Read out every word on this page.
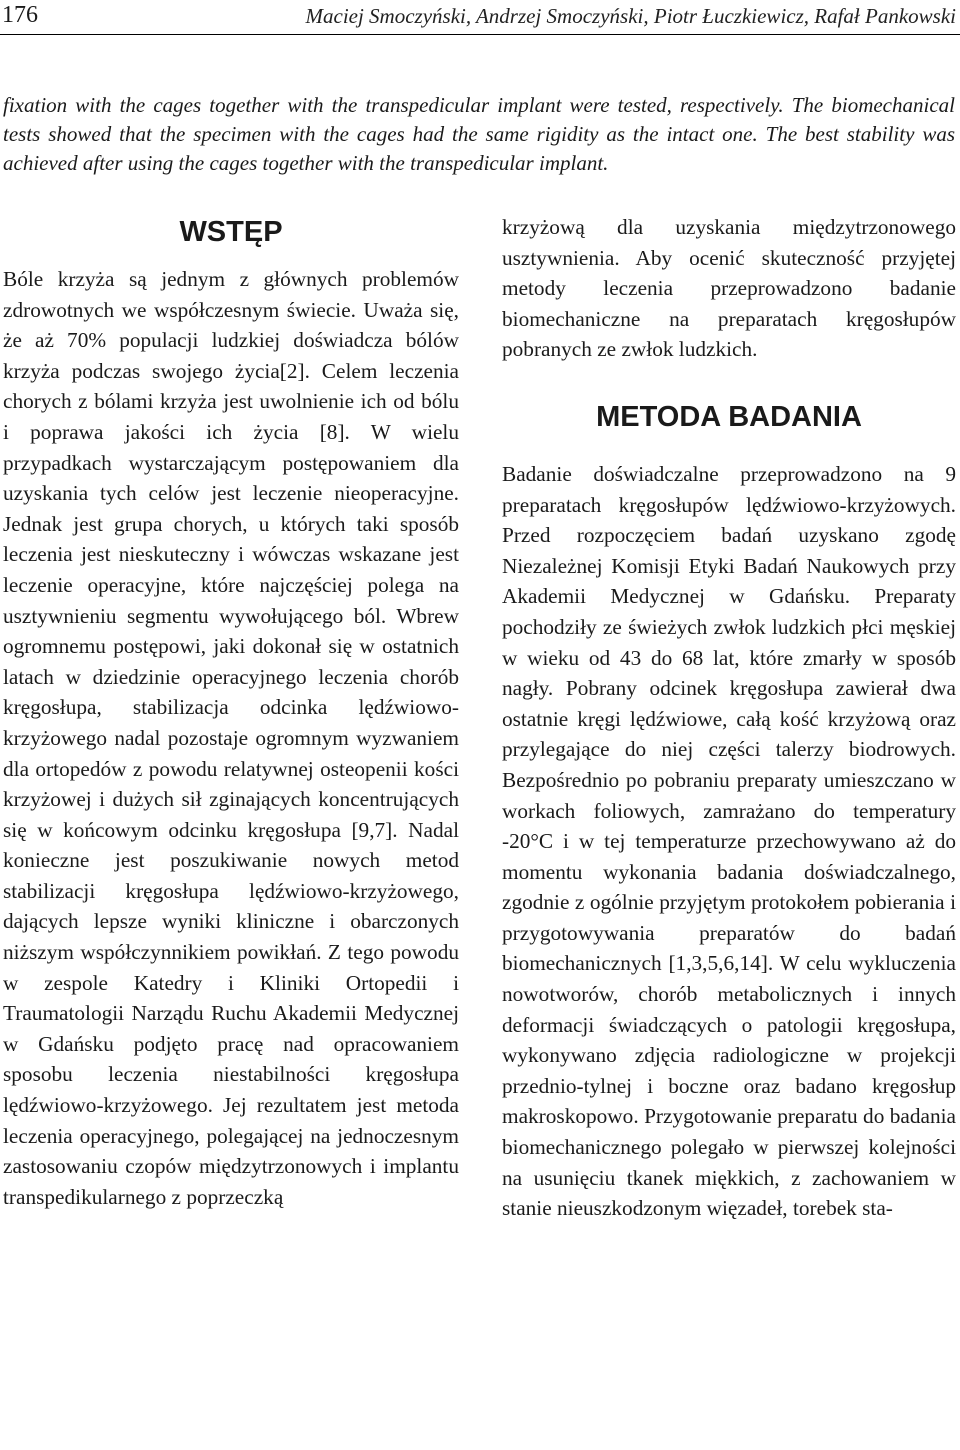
176	Maciej Smoczyński, Andrzej Smoczyński, Piotr Łuczkiewicz, Rafał Pankowski

fixation with the cages together with the transpedicular implant were tested, respectively. The biomechanical tests showed that the specimen with the cages had the same rigidity as the intact one. The best stability was achieved after using the cages together with the transpedicular implant.

WSTĘP

Bóle krzyża są jednym z głównych problemów zdrowotnych we współczesnym świecie. Uważa się, że aż 70% populacji ludzkiej doświadcza bólów krzyża podczas swojego życia[2]. Celem leczenia chorych z bólami krzyża jest uwolnienie ich od bólu i poprawa jakości ich życia [8]. W wielu przypadkach wystarczającym postępowaniem dla uzyskania tych celów jest leczenie nieoperacyjne. Jednak jest grupa chorych, u których taki sposób leczenia jest nieskuteczny i wówczas wskazane jest leczenie operacyjne, które najczęściej polega na usztywnieniu segmentu wywołującego ból. Wbrew ogromnemu postępowi, jaki dokonał się w ostatnich latach w dziedzinie operacyjnego leczenia chorób kręgosłupa, stabilizacja odcinka lędźwiowo-krzyżowego nadal pozostaje ogromnym wyzwaniem dla ortopedów z powodu relatywnej osteopenii kości krzyżowej i dużych sił zginających koncentrujących się w końcowym odcinku kręgosłupa [9,7]. Nadal konieczne jest poszukiwanie nowych metod stabilizacji kręgosłupa lędźwiowo-krzyżowego, dających lepsze wyniki kliniczne i obarczonych niższym współczynnikiem powikłań. Z tego powodu w zespole Katedry i Kliniki Ortopedii i Traumatologii Narządu Ruchu Akademii Medycznej w Gdańsku podjęto pracę nad opracowaniem sposobu leczenia niestabilności kręgosłupa lędźwiowo-krzyżowego. Jej rezultatem jest metoda leczenia operacyjnego, polegającej na jednoczesnym zastosowaniu czopów międzytrzonowych i implantu transpedikularnego z poprzeczką

krzyżową dla uzyskania międzytrzonowego usztywnienia. Aby ocenić skuteczność przyjętej metody leczenia przeprowadzono badanie biomechaniczne na preparatach kręgosłupów pobranych ze zwłok ludzkich.

METODA BADANIA

Badanie doświadczalne przeprowadzono na 9 preparatach kręgosłupów lędźwiowo-krzyżowych. Przed rozpoczęciem badań uzyskano zgodę Niezależnej Komisji Etyki Badań Naukowych przy Akademii Medycznej w Gdańsku. Preparaty pochodziły ze świeżych zwłok ludzkich płci męskiej w wieku od 43 do 68 lat, które zmarły w sposób nagły. Pobrany odcinek kręgosłupa zawierał dwa ostatnie kręgi lędźwiowe, całą kość krzyżową oraz przylegające do niej części talerzy biodrowych. Bezpośrednio po pobraniu preparaty umieszczano w workach foliowych, zamrażano do temperatury -20°C i w tej temperaturze przechowywano aż do momentu wykonania badania doświadczalnego, zgodnie z ogólnie przyjętym protokołem pobierania i przygotowywania preparatów do badań biomechanicznych [1,3,5,6,14]. W celu wykluczenia nowotworów, chorób metabolicznych i innych deformacji świadczących o patologii kręgosłupa, wykonywano zdjęcia radiologiczne w projekcji przednio-tylnej i boczne oraz badano kręgosłup makroskopowo. Przygotowanie preparatu do badania biomechanicznego polegało w pierwszej kolejności na usunięciu tkanek miękkich, z zachowaniem w stanie nieuszkodzonym więzadeł, torebek sta-
